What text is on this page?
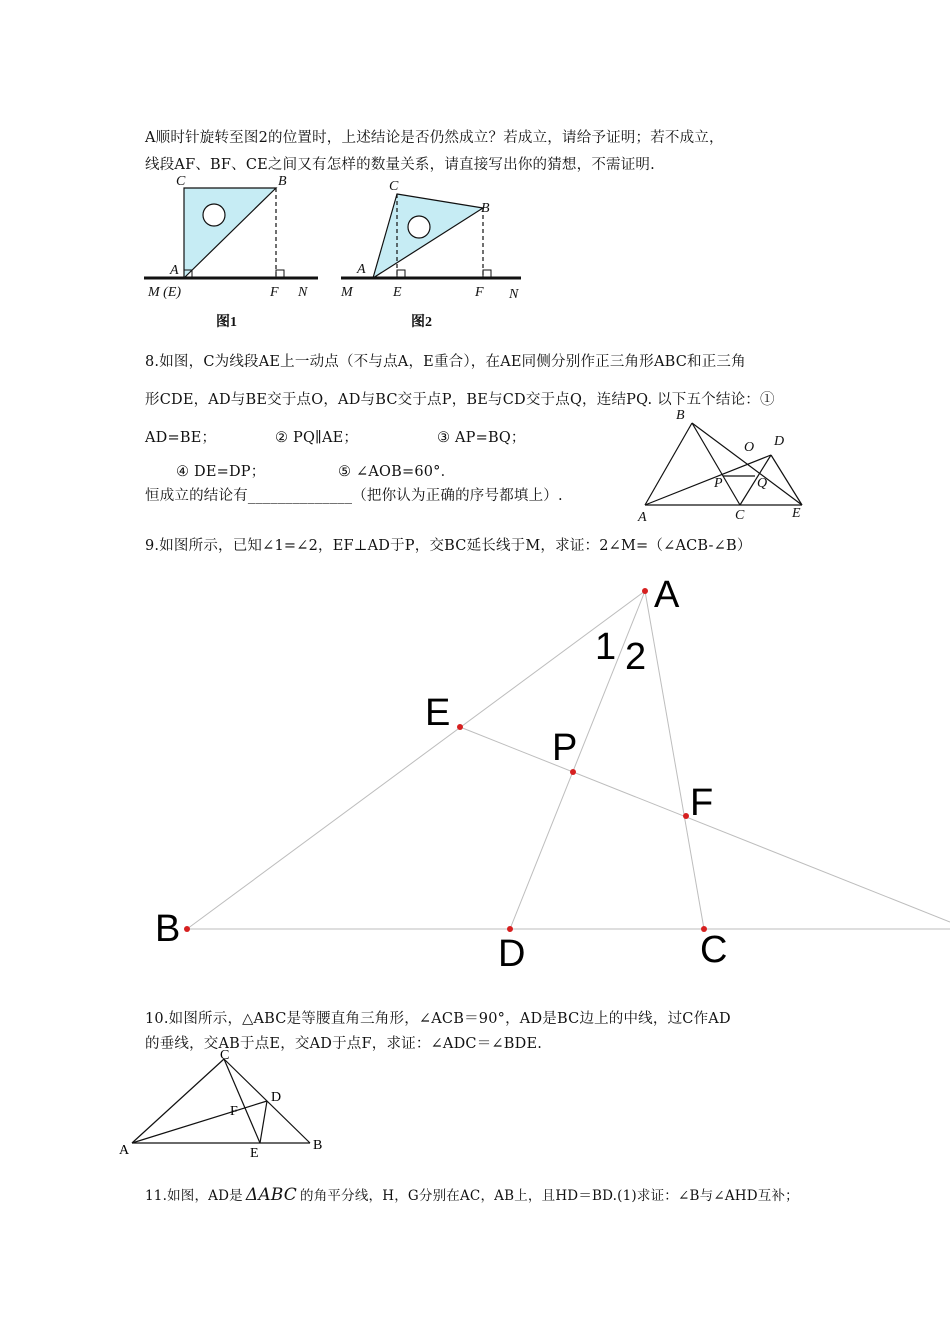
A顺时针旋转至图2的位置时，上述结论是否仍然成立？若成立，请给予证明；若不成立，
线段AF、BF、CE之间又有怎样的数量关系，请直接写出你的猜想，不需证明.
C	B
A
M (E)	F N
图1
C
B
A
M	E	F N
图2
8.如图，C为线段AE上一动点（不与点A，E重合），在AE同侧分别作正三角形ABC和正三角
形CDE，AD与BE交于点O，AD与BC交于点P，BE与CD交于点Q，连结PQ. 以下五个结论：①
AD=BE；	② PQ∥AE；	③ AP=BQ；
④ DE=DP；	⑤ ∠AOB=60°．
恒成立的结论有______________（把你认为正确的序号都填上）.
B
O D
P Q
A	C	E
9.如图所示，已知∠1=∠2，EF⊥AD于P，交BC延长线于M，求证：2∠M=（∠ACB-∠B）
A
1 2
E
P
F
B
D	C
10.如图所示，△ABC是等腰直角三角形，∠ACB＝90°，AD是BC边上的中线，过C作AD
的垂线，交AB于点E，交AD于点F，求证：∠ADC＝∠BDE.
C
D
F
A	E
B
11.如图，AD是 ΔABC 的角平分线，H，G分别在AC，AB上，且HD＝BD.(1)求证：∠B与∠AHD互补；
